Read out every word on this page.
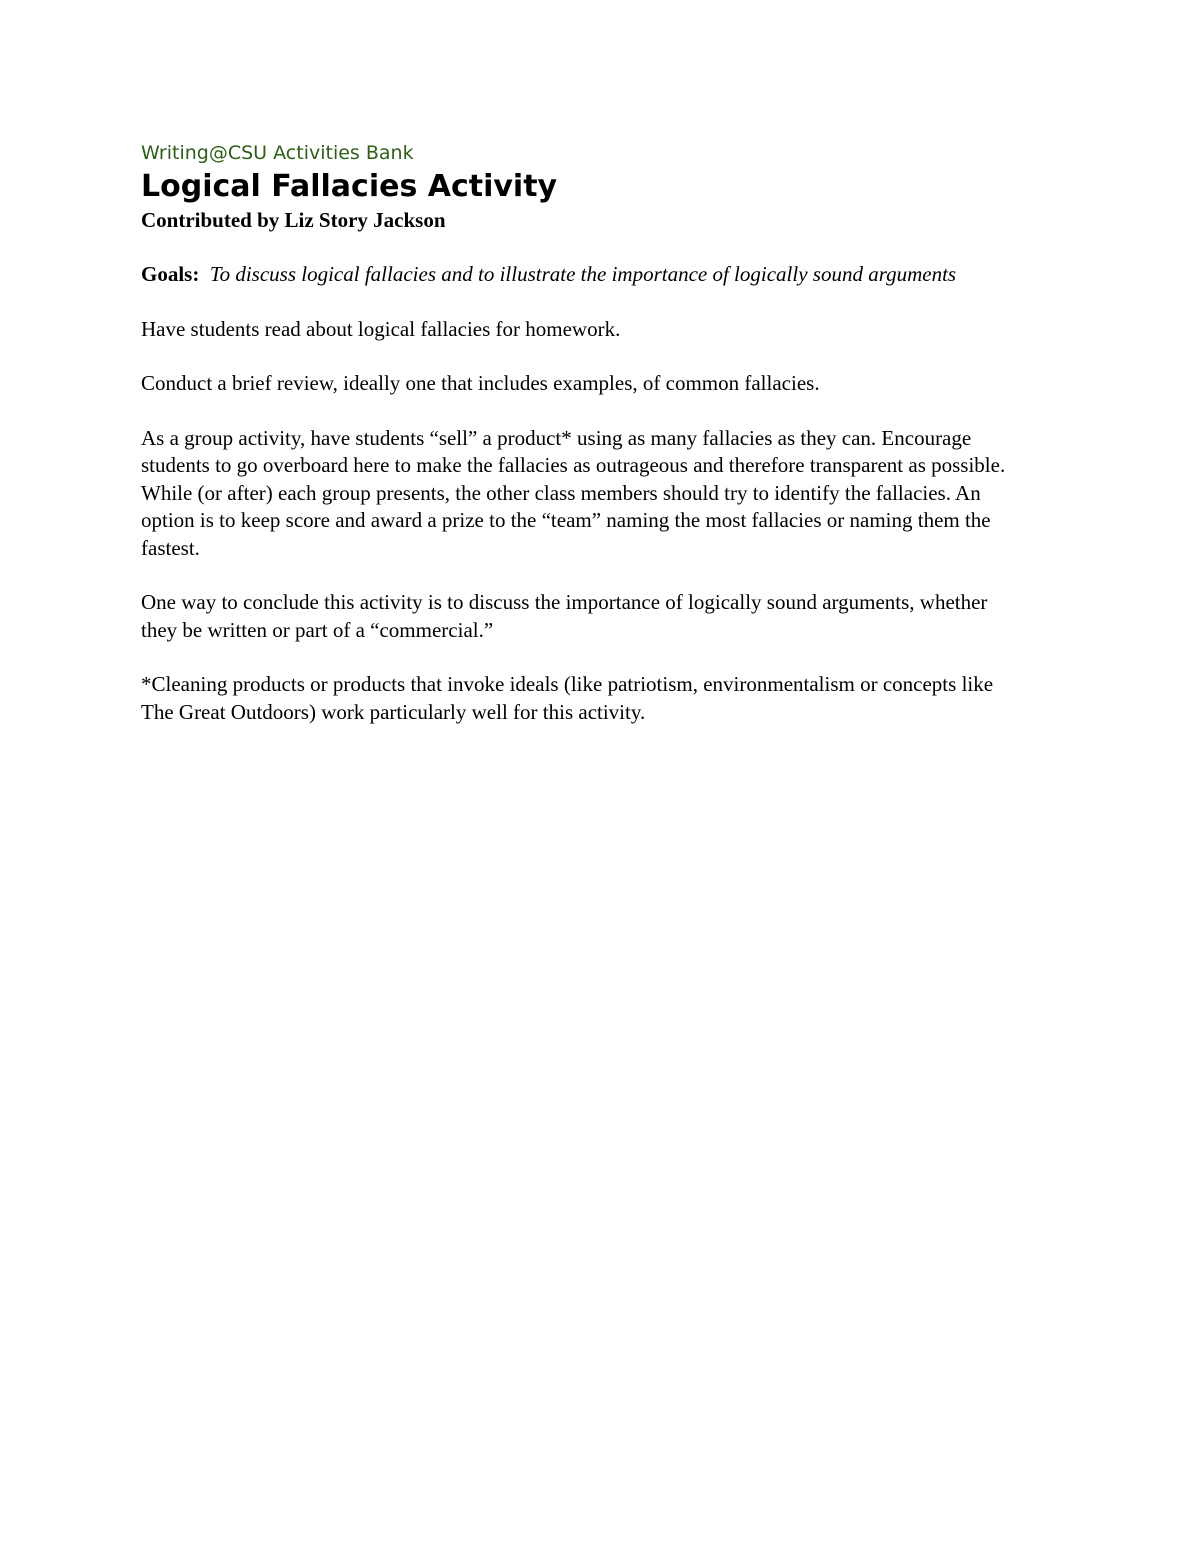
Writing@CSU Activities Bank

Logical Fallacies Activity

Contributed by Liz Story Jackson

Goals: To discuss logical fallacies and to illustrate the importance of logically sound arguments

Have students read about logical fallacies for homework.

Conduct a brief review, ideally one that includes examples, of common fallacies.

As a group activity, have students “sell” a product* using as many fallacies as they can. Encourage students to go overboard here to make the fallacies as outrageous and therefore transparent as possible.   While (or after) each group presents, the other class members should try to identify the fallacies. An option is to keep score and award a prize to the “team” naming the most fallacies or naming them the fastest.

One way to conclude this activity is to discuss the importance of logically sound arguments, whether they be written or part of a “commercial.”

*Cleaning products or products that invoke ideals (like patriotism, environmentalism or concepts like The Great Outdoors) work particularly well for this activity.
